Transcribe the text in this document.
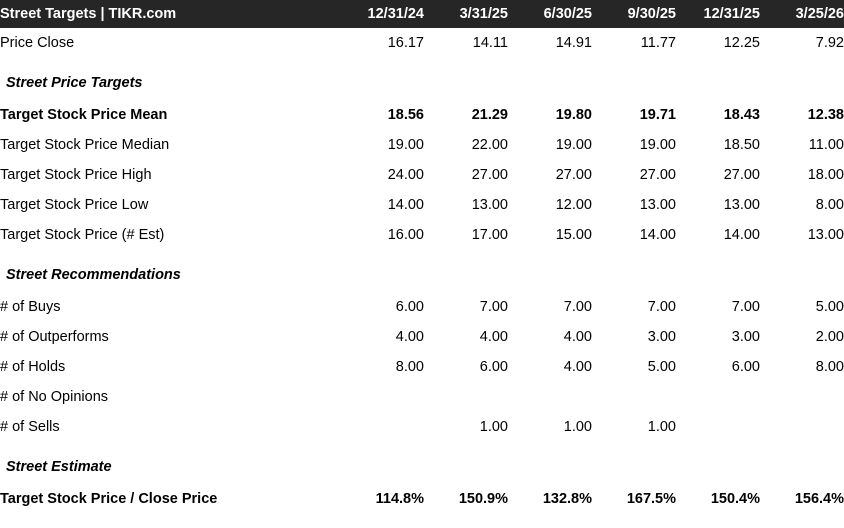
Street Targets | TIKR.com	12/31/24	3/31/25	6/30/25	9/30/25	12/31/25	3/25/26
Price Close	16.17	14.11	14.91	11.77	12.25	7.92
Street Price Targets						
Target Stock Price Mean	18.56	21.29	19.80	19.71	18.43	12.38
Target Stock Price Median	19.00	22.00	19.00	19.00	18.50	11.00
Target Stock Price High	24.00	27.00	27.00	27.00	27.00	18.00
Target Stock Price Low	14.00	13.00	12.00	13.00	13.00	8.00
Target Stock Price (# Est)	16.00	17.00	15.00	14.00	14.00	13.00
Street Recommendations						
# of Buys	6.00	7.00	7.00	7.00	7.00	5.00
# of Outperforms	4.00	4.00	4.00	3.00	3.00	2.00
# of Holds	8.00	6.00	4.00	5.00	6.00	8.00
# of No Opinions						
# of Sells		1.00	1.00	1.00		
Street Estimate						
Target Stock Price / Close Price	114.8%	150.9%	132.8%	167.5%	150.4%	156.4%
